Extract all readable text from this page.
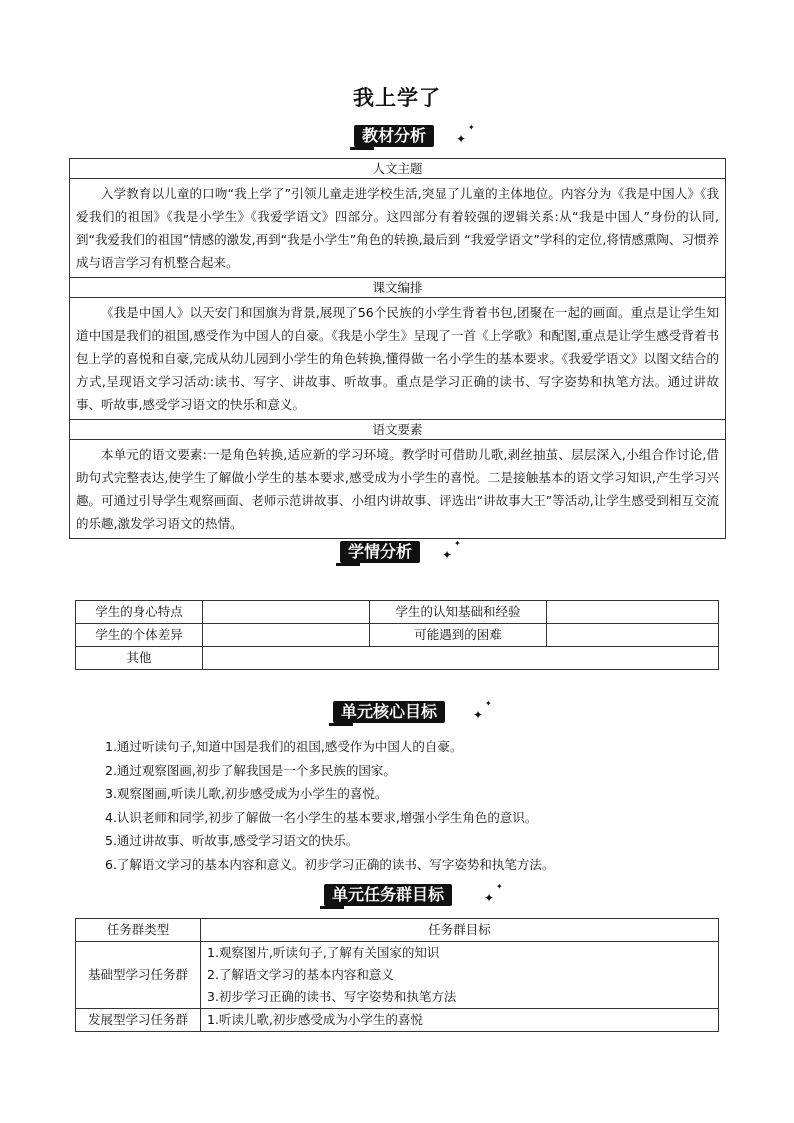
我上学了
教材分析	✦
✦
人文主题
入学教育以儿童的口吻“我上学了”引领儿童走进学校生活,突显了儿童的主体地位。内容分为《我是中国人》《我爱我们的祖国》《我是小学生》《我爱学语文》四部分。这四部分有着较强的逻辑关系:从“我是中国人”身份的认同,到“我爱我们的祖国”情感的激发,再到“我是小学生”角色的转换,最后到 “我爱学语文”学科的定位,将情感熏陶、习惯养成与语言学习有机整合起来。
课文编排
《我是中国人》以天安门和国旗为背景,展现了56个民族的小学生背着书包,团聚在一起的画面。重点是让学生知道中国是我们的祖国,感受作为中国人的自豪。《我是小学生》呈现了一首《上学歌》和配图,重点是让学生感受背着书包上学的喜悦和自豪,完成从幼儿园到小学生的角色转换,懂得做一名小学生的基本要求。《我爱学语文》以图文结合的方式,呈现语文学习活动:读书、写字、讲故事、听故事。重点是学习正确的读书、写字姿势和执笔方法。通过讲故事、听故事,感受学习语文的快乐和意义。
语文要素
本单元的语文要素:一是角色转换,适应新的学习环境。教学时可借助儿歌,剥丝抽茧、层层深入,小组合作讨论,借助句式完整表达,使学生了解做小学生的基本要求,感受成为小学生的喜悦。二是接触基本的语文学习知识,产生学习兴趣。可通过引导学生观察画面、老师示范讲故事、小组内讲故事、评选出“讲故事大王”等活动,让学生感受到相互交流的乐趣,激发学习语文的热情。
学情分析	✦
✦
学生的身心特点		学生的认知基础和经验	
学生的个体差异		可能遇到的困难	
其他			
单元核心目标	✦
✦
1.通过听读句子,知道中国是我们的祖国,感受作为中国人的自豪。
2.通过观察图画,初步了解我国是一个多民族的国家。
3.观察图画,听读儿歌,初步感受成为小学生的喜悦。
4.认识老师和同学,初步了解做一名小学生的基本要求,增强小学生角色的意识。
5.通过讲故事、听故事,感受学习语文的快乐。
6.了解语文学习的基本内容和意义。初步学习正确的读书、写字姿势和执笔方法。
单元任务群目标	✦
✦
任务群类型	任务群目标
基础型学习任务群	1.观察图片,听读句子,了解有关国家的知识
2.了解语文学习的基本内容和意义
3.初步学习正确的读书、写字姿势和执笔方法

发展型学习任务群	1.听读儿歌,初步感受成为小学生的喜悦
